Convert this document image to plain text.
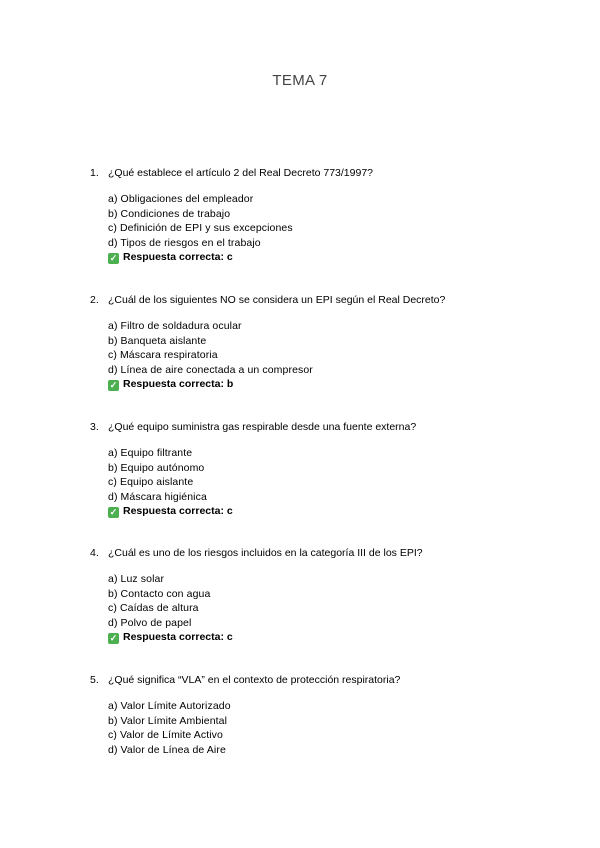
TEMA 7
1. ¿Qué establece el artículo 2 del Real Decreto 773/1997?
a) Obligaciones del empleador
b) Condiciones de trabajo
c) Definición de EPI y sus excepciones
d) Tipos de riesgos en el trabajo
✓ Respuesta correcta: c
2. ¿Cuál de los siguientes NO se considera un EPI según el Real Decreto?
a) Filtro de soldadura ocular
b) Banqueta aislante
c) Máscara respiratoria
d) Línea de aire conectada a un compresor
✓ Respuesta correcta: b
3. ¿Qué equipo suministra gas respirable desde una fuente externa?
a) Equipo filtrante
b) Equipo autónomo
c) Equipo aislante
d) Máscara higiénica
✓ Respuesta correcta: c
4. ¿Cuál es uno de los riesgos incluidos en la categoría III de los EPI?
a) Luz solar
b) Contacto con agua
c) Caídas de altura
d) Polvo de papel
✓ Respuesta correcta: c
5. ¿Qué significa “VLA” en el contexto de protección respiratoria?
a) Valor Límite Autorizado
b) Valor Límite Ambiental
c) Valor de Límite Activo
d) Valor de Línea de Aire
